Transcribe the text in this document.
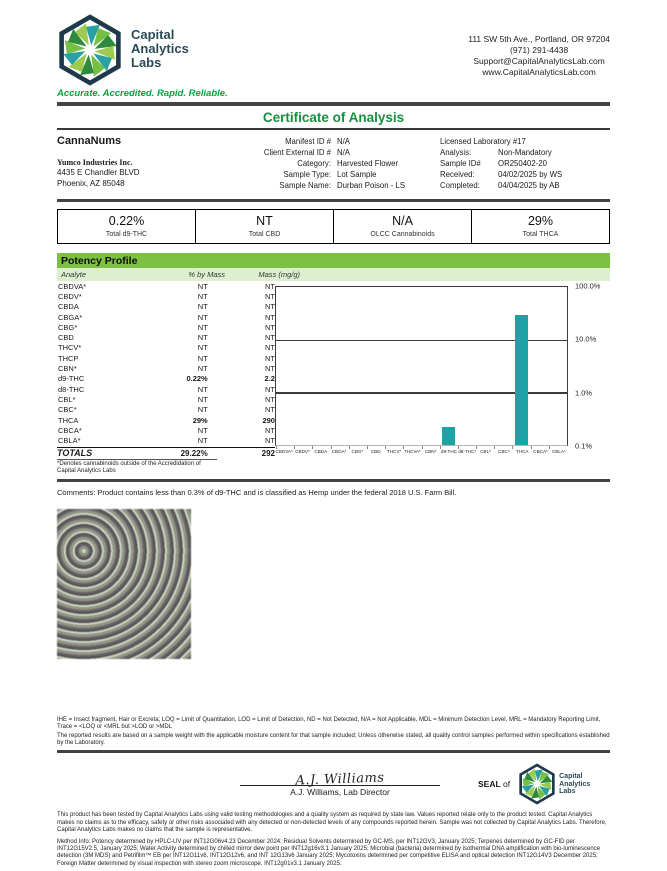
Capital
Analytics
Labs
111 SW 5th Ave., Portland, OR 97204
(971) 291-4438
Support@CapitalAnalyticsLab.com
www.CapitalAnalyticsLab.com
Accurate. Accredited. Rapid. Reliable.
Certificate of Analysis
CannaNums
Yumco Industries Inc.
4435 E Chandler BLVD
Phoenix, AZ 85048
Manifest ID # N/A
Client External ID # N/A
Category: Harvested Flower
Sample Type: Lot Sample
Sample Name: Durban Poison - LS
Licensed Laboratory #17
Analysis:	Non-Mandatory
Sample ID#	OR250402-20
Received:	04/02/2025 by WS
Completed:	04/04/2025 by AB
0.22%
Total d9-THC
NT
Total CBD
N/A
OLCC Cannabinoids
29%
Total THCA
Potency Profile
Analyte	% by Mass	Mass (mg/g)
CBDVA*	NT	NT
CBDV*	NT	NT
CBDA	NT	NT
CBGA*	NT	NT
CBG*	NT	NT
CBD	NT	NT
THCV*	NT	NT
THCP	NT	NT
CBN*	NT	NT
d9-THC	0.22%	2.2
d8-THC	NT	NT
CBL*	NT	NT
CBC*	NT	NT
THCA	29%	290
CBCA*	NT	NT
CBLA*	NT	NT
TOTALS	29.22%	292
*Denotes cannabinoids outside of the Accredidation of Capital Analytics Labs
CBDVA* CBDV*	CBDA CBGA*	CBG*	CBD	THCV* THCVA* CBN* d9-THC d8-THC* CBL*	CBC*	THCA	CBCA* CBLA*
100.0%
10.0%
1.0%
0.1%
Comments: Product contains less than 0.3% of d9-THC and is classified as Hemp under the federal 2018 U.S. Farm Bill.

IHE = Insect fragment, Hair or Excreta; LOQ = Limit of Quantitation, LOD = Limit of Detection, ND = Not Detected, N/A = Not Applicable, MDL = Minimum Detection Level, MRL = Mandatory Reporting Limit, Trace = <LOQ or <MRL but >LOD or >MDL

The reported results are based on a sample weight with the applicable moisture content for that sample included; Unless otherwise stated, all quality control samples performed within specifications established by the Laboratory.

A.J. Williams
A.J. Williams, Lab Director
SEAL of
Capital
Analytics
Labs
This product has been tested by Capital Analytics Labs using valid testing methodologies and a quality system as required by state law. Values reported relate only to the product tested. Capital Analytics makes no claims as to the efficacy, safety or other risks associated with any detected or non-detected levels of any compounds reported herein. Sample was not collected by Capital Analytics Labs. Therefore, Capital Analytics Labs makes no claims that the sample is representative.
Method Info: Potency determined by HPLC-UV per INT12G06v4.23 December 2024; Residual Solvents determined by GC-MS, per INT12GV3, January 2025; Terpenes determined by GC-FID per INT12G15V2.5, January 2025; Water Activity determined by chilled mirror dew point per INT12g16v3.1 January 2025; Microbial (bacteria) determined by isothermal DNA amplification with bio-luminescence detection (3M MDS) and Petrifilm™ EB per INT12G11v6, INT12G12v6, and INT 12G13v6 January 2025; Mycotoxins determined per competitive ELISA and optical detection INT12G14V3 December 2025; Foreign Matter determined by visual inspection with stereo zoom microscope, INT12g01v3.1 January 2025.
